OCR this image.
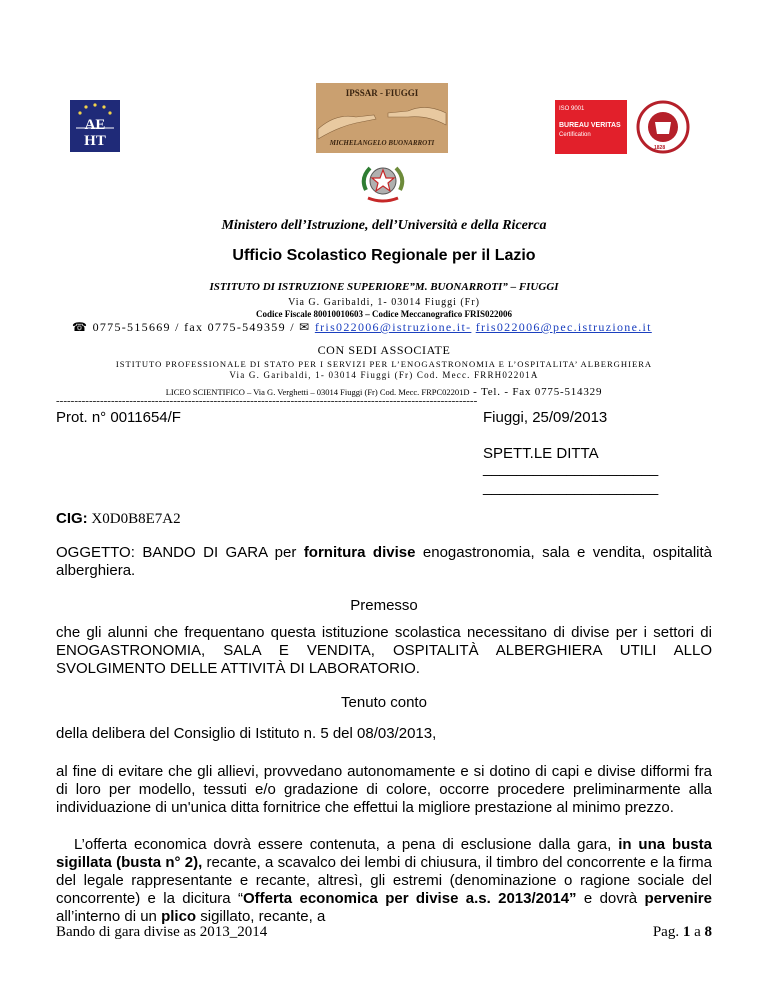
AE HT
IPSSAR - FIUGGI
MICHELANGELO BUONARROTI
ISO 9001
BUREAU VERITAS
Certification
1828
Ministero dell’Istruzione, dell’Università e della Ricerca
Ufficio Scolastico Regionale per il Lazio
ISTITUTO DI ISTRUZIONE SUPERIORE”M. BUONARROTI” – FIUGGI
Via G. Garibaldi, 1- 03014 Fiuggi (Fr)
Codice Fiscale 80010010603 – Codice Meccanografico FRIS022006
☎ 0775-515669 / fax 0775-549359 / ✉ fris022006@istruzione.it- fris022006@pec.istruzione.it
CON SEDI ASSOCIATE
ISTITUTO PROFESSIONALE DI STATO PER I SERVIZI PER L’ENOGASTRONOMIA E L’OSPITALITA’ ALBERGHIERA
Via G. Garibaldi, 1- 03014 Fiuggi (Fr) Cod. Mecc. FRRH02201A
LICEO SCIENTIFICO – Via G. Verghetti – 03014 Fiuggi (Fr) Cod. Mecc. FRPC02201D - Tel. - Fax 0775-514329
-------------------------------------------------------------------------------------------------------------------
Prot. n° 0011654/F	Fiuggi, 25/09/2013
SPETT.LE DITTA
_____________________
_____________________
CIG: X0D0B8E7A2
OGGETTO: BANDO DI GARA per fornitura divise enogastronomia, sala e vendita, ospitalità alberghiera.
Premesso
che gli alunni che frequentano questa istituzione scolastica necessitano di divise per i settori di ENOGASTRONOMIA, SALA E VENDITA, OSPITALITÀ ALBERGHIERA UTILI ALLO SVOLGIMENTO DELLE ATTIVITÀ DI LABORATORIO.
Tenuto conto
della delibera del Consiglio di Istituto n. 5 del 08/03/2013,
al fine di evitare che gli allievi, provvedano autonomamente e si dotino di capi e divise difformi fra di loro per modello, tessuti e/o gradazione di colore, occorre procedere preliminarmente alla individuazione di un'unica ditta fornitrice che effettui la migliore prestazione al minimo prezzo.
L’offerta economica dovrà essere contenuta, a pena di esclusione dalla gara, in una busta sigillata (busta n° 2), recante, a scavalco dei lembi di chiusura, il timbro del concorrente e la firma del legale rappresentante e recante, altresì, gli estremi (denominazione o ragione sociale del concorrente) e la dicitura “Offerta economica per divise a.s. 2013/2014” e dovrà pervenire all’interno di un plico sigillato, recante, a
Bando di gara divise as 2013_2014	Pag. 1 a 8
